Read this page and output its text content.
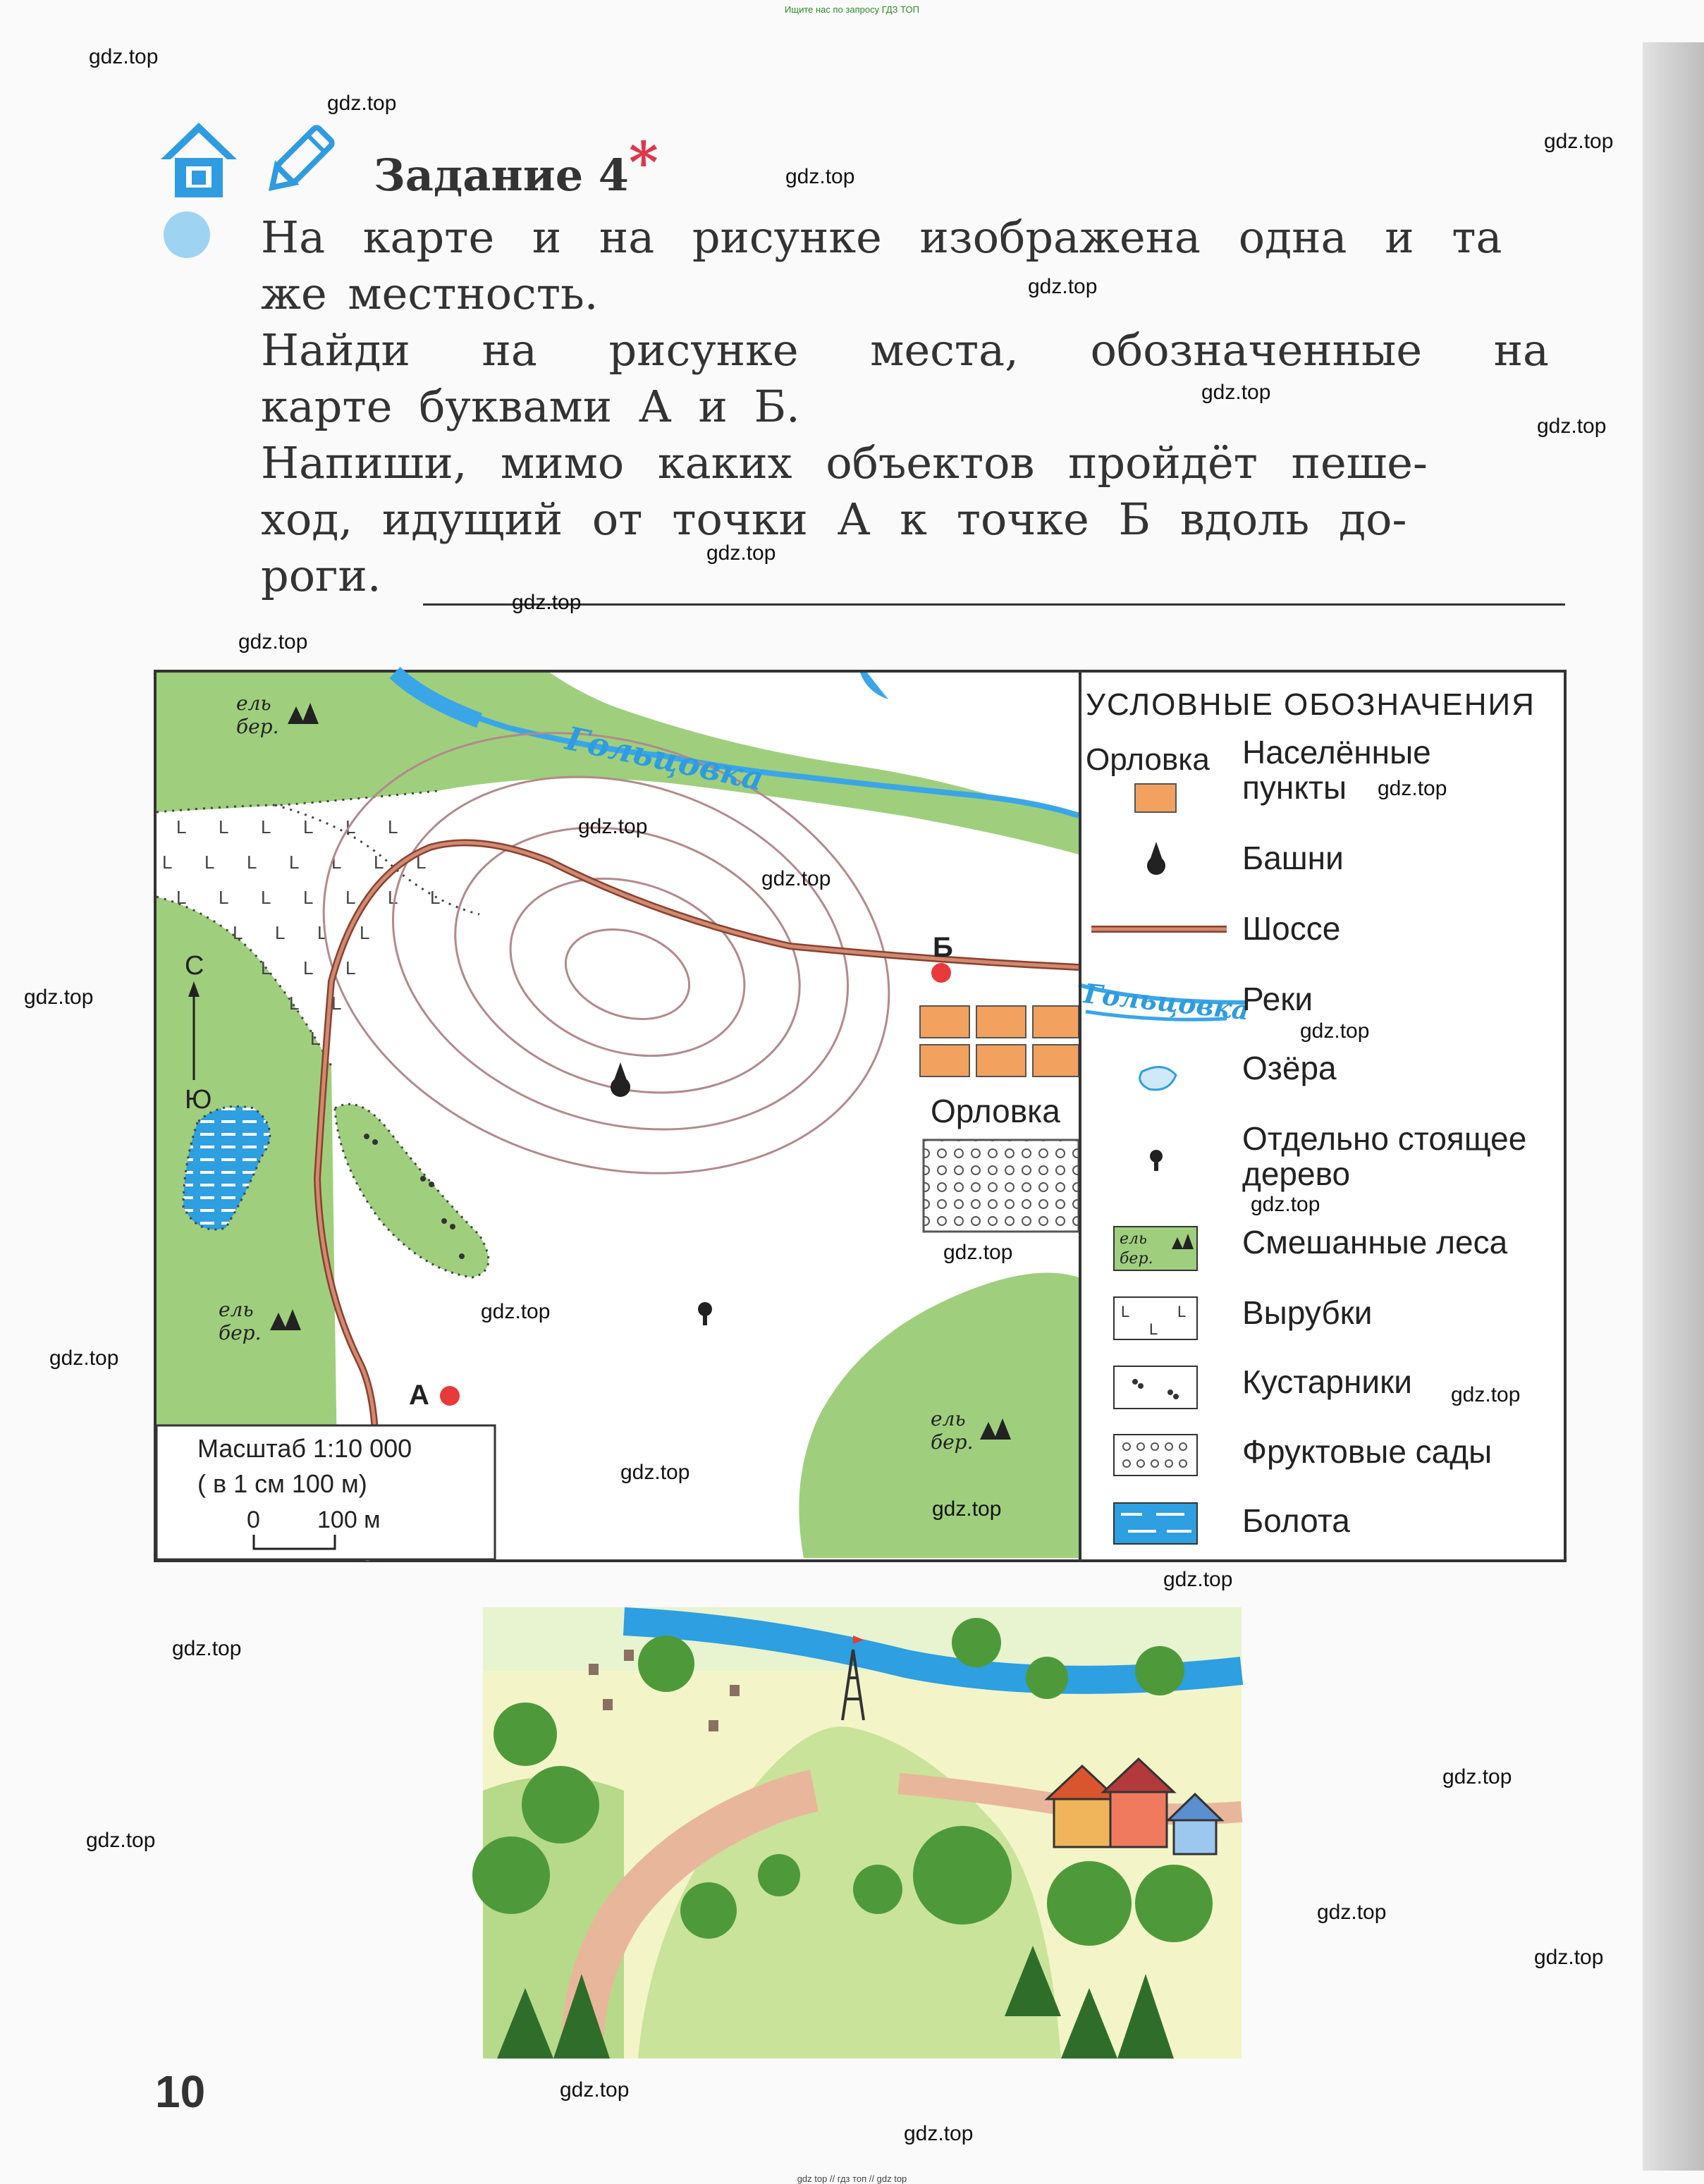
Ищите нас по запросу ГДЗ ТОП
gdz top // гдз топ // gdz top
Задание 4*
На карте и на рисунке изображена одна и та
же местность.
Найди на рисунке места, обозначенные на
карте буквами А и Б.
Напиши, мимо каких объектов пройдёт пеше-
ход, идущий от точки А к точке Б вдоль до-
роги.
L L L L L L
L L L L L L L
L L L L L L L
L L L L
L L L
L L
L
Б
А
Гольцовка
Орловка
ель
бер.
ель
бер.
ель
бер.
С
Ю
Масштаб 1:10 000
( в 1 см 100 м)
0 100 м
УСЛОВНЫЕ ОБОЗНАЧЕНИЯ
Орловка
Гольцовка
ель
бер.
L	L
L
Населённые
пункты
Башни
Шоссе
Реки
Озёра
Отдельно стоящее
дерево
Смешанные леса
Вырубки
Кустарники
Фруктовые сады
Болота
10
gdz.top
gdz.top
gdz.top
gdz.top
gdz.top
gdz.top
gdz.top
gdz.top
gdz.top
gdz.top
gdz.top
gdz.top
gdz.top
gdz.top
gdz.top
gdz.top
gdz.top
gdz.top
gdz.top
gdz.top
gdz.top
gdz.top
gdz.top
gdz.top
gdz.top
gdz.top
gdz.top
gdz.top
gdz.top
gdz.top
